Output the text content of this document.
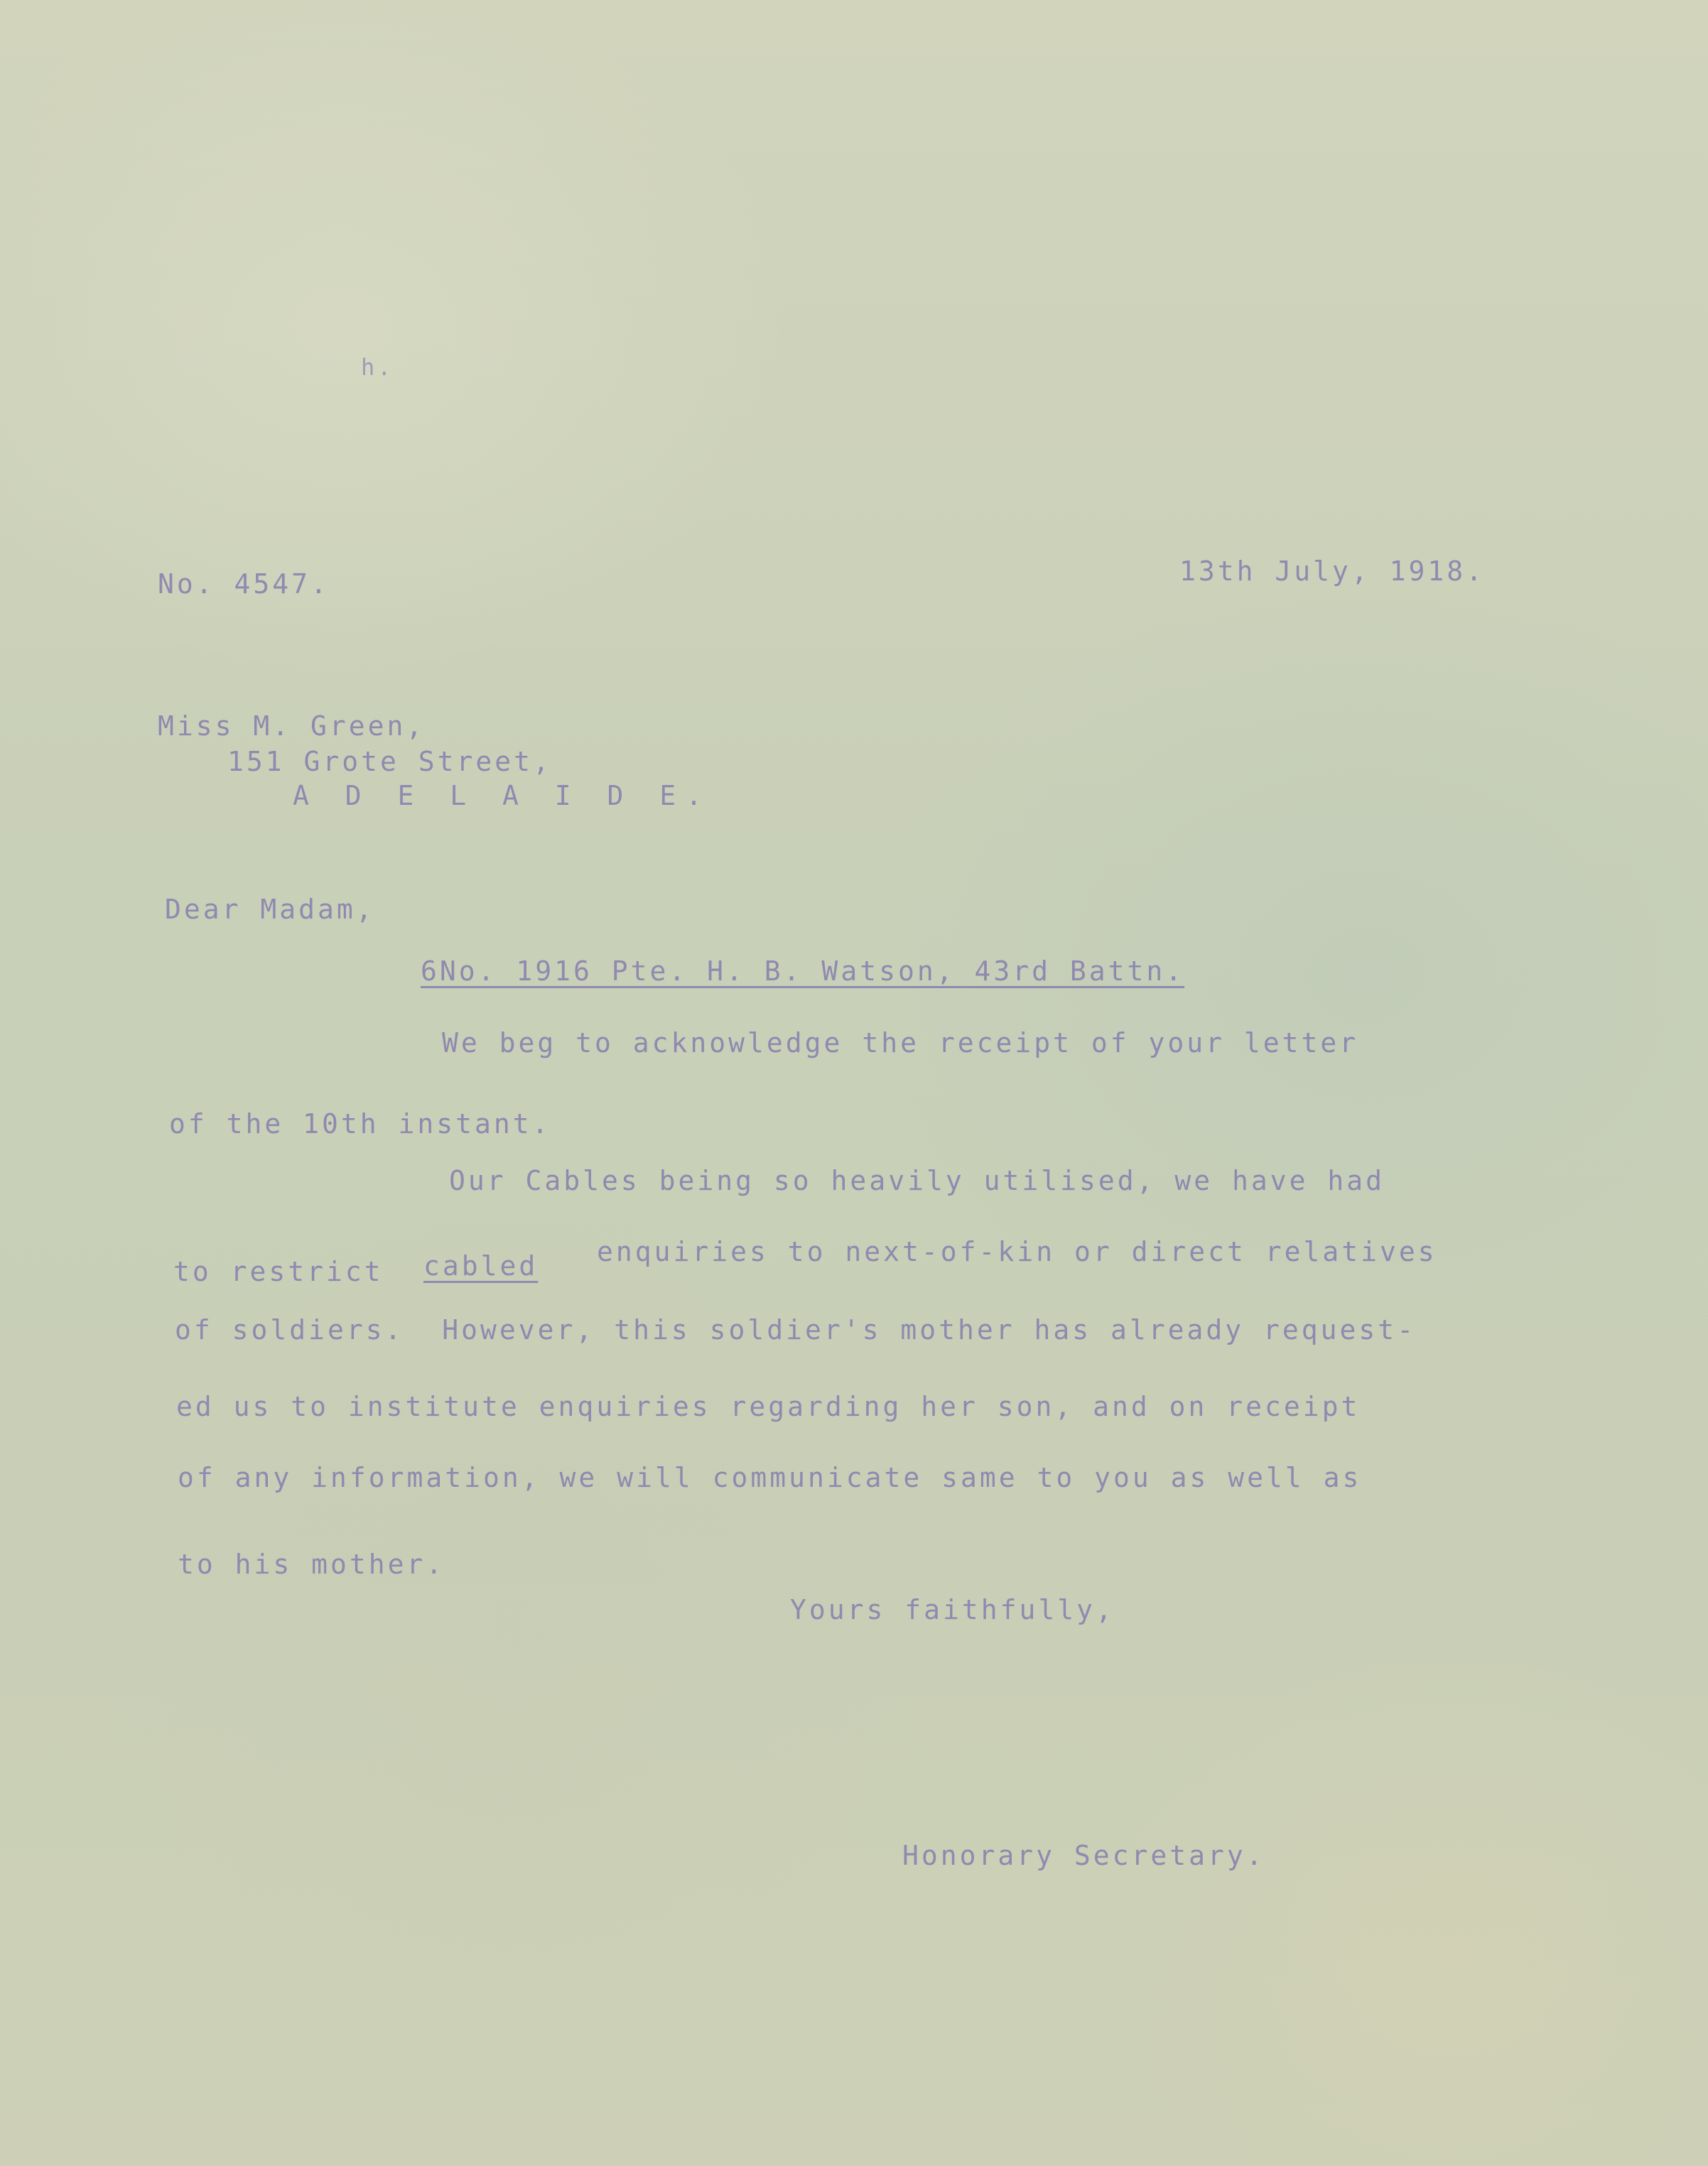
h.
No. 4547.	13th July, 1918.
Miss M. Green,
151 Grote Street,
A D E L A I D E.
Dear Madam,
6No. 1916 Pte. H. B. Watson, 43rd Battn.
We beg to acknowledge the receipt of your letter
of the 10th instant.
Our Cables being so heavily utilised, we have had
to restrict cabled enquiries to next-of-kin or direct relatives
of soldiers.  However, this soldier's mother has already request-
ed us to institute enquiries regarding her son, and on receipt
of any information, we will communicate same to you as well as
to his mother.
Yours faithfully,
Honorary Secretary.
